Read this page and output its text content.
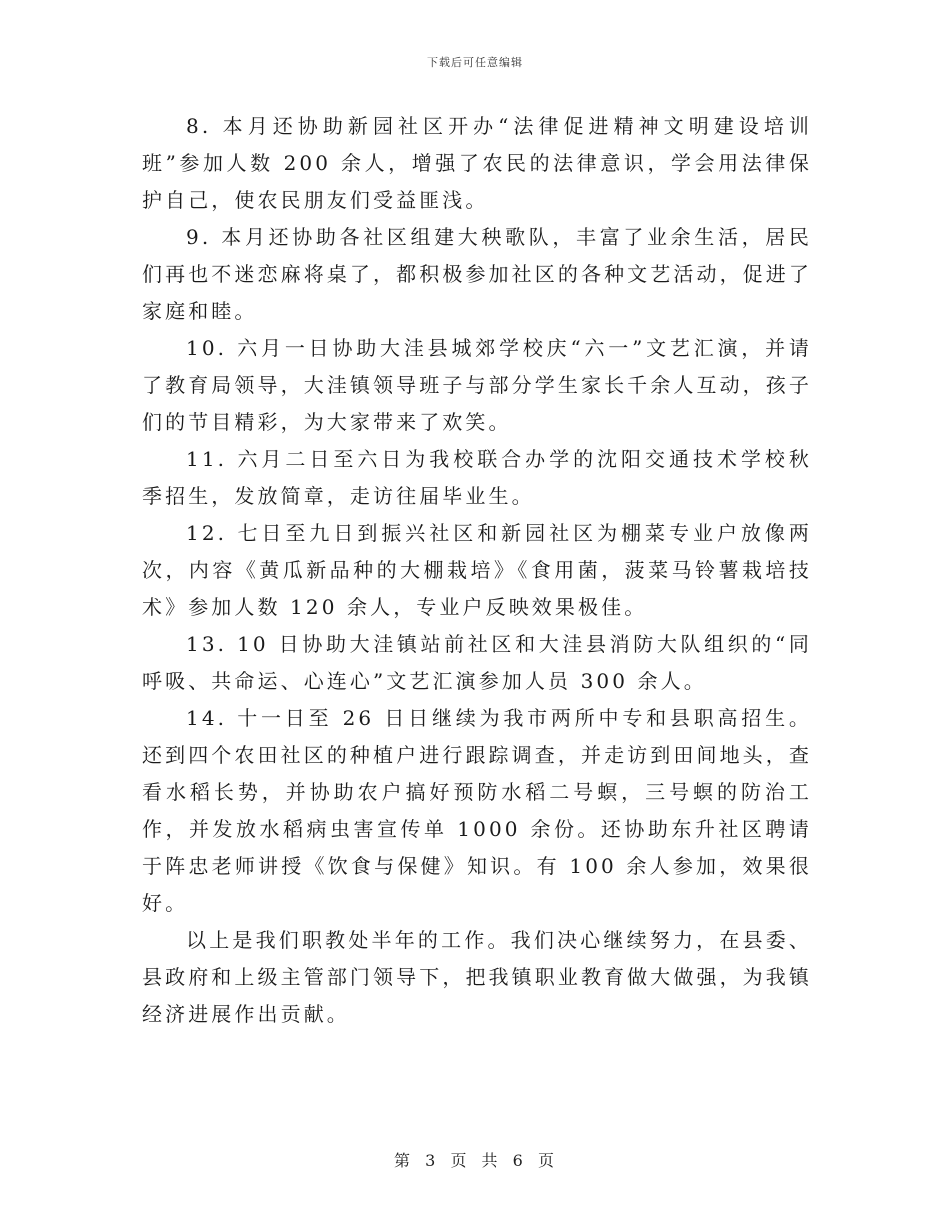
下载后可任意编辑

8. 本月还协助新园社区开办“法律促进精神文明建设培训班”参加人数 200 余人，增强了农民的法律意识，学会用法律保护自己，使农民朋友们受益匪浅。

9. 本月还协助各社区组建大秧歌队，丰富了业余生活，居民们再也不迷恋麻将桌了，都积极参加社区的各种文艺活动，促进了家庭和睦。

10. 六月一日协助大洼县城郊学校庆“六一”文艺汇演，并请了教育局领导，大洼镇领导班子与部分学生家长千余人互动，孩子们的节目精彩，为大家带来了欢笑。

11. 六月二日至六日为我校联合办学的沈阳交通技术学校秋季招生，发放简章，走访往届毕业生。

12. 七日至九日到振兴社区和新园社区为棚菜专业户放像两次，内容《黄瓜新品种的大棚栽培》《食用菌，菠菜马铃薯栽培技术》参加人数 120 余人，专业户反映效果极佳。

13. 10 日协助大洼镇站前社区和大洼县消防大队组织的“同呼吸、共命运、心连心”文艺汇演参加人员 300 余人。

14. 十一日至 26 日日继续为我市两所中专和县职高招生。还到四个农田社区的种植户进行跟踪调查，并走访到田间地头，查看水稻长势，并协助农户搞好预防水稻二号螟，三号螟的防治工作，并发放水稻病虫害宣传单 1000 余份。还协助东升社区聘请于阵忠老师讲授《饮食与保健》知识。有 100 余人参加，效果很好。

以上是我们职教处半年的工作。我们决心继续努力，在县委、县政府和上级主管部门领导下，把我镇职业教育做大做强，为我镇经济进展作出贡献。

第 3 页 共 6 页
